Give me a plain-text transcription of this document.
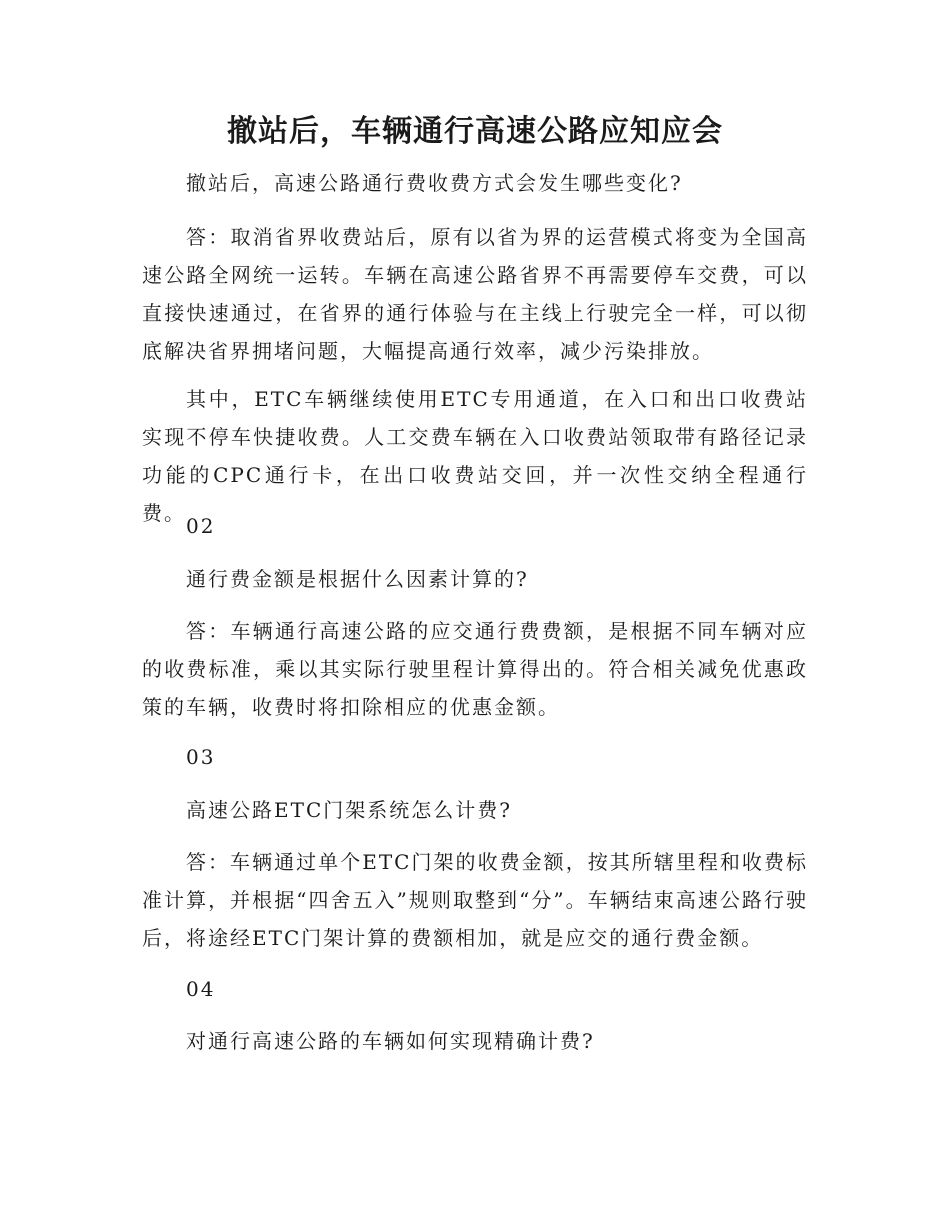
撤站后，车辆通行高速公路应知应会

撤站后，高速公路通行费收费方式会发生哪些变化?

答：取消省界收费站后，原有以省为界的运营模式将变为全国高速公路全网统一运转。车辆在高速公路省界不再需要停车交费，可以直接快速通过，在省界的通行体验与在主线上行驶完全一样，可以彻底解决省界拥堵问题，大幅提高通行效率，减少污染排放。

其中，ETC车辆继续使用ETC专用通道，在入口和出口收费站实现不停车快捷收费。人工交费车辆在入口收费站领取带有路径记录功能的CPC通行卡，在出口收费站交回，并一次性交纳全程通行费。

02

通行费金额是根据什么因素计算的?

答：车辆通行高速公路的应交通行费费额，是根据不同车辆对应的收费标准，乘以其实际行驶里程计算得出的。符合相关减免优惠政策的车辆，收费时将扣除相应的优惠金额。

03

高速公路ETC门架系统怎么计费?

答：车辆通过单个ETC门架的收费金额，按其所辖里程和收费标准计算，并根据“四舍五入”规则取整到“分”。车辆结束高速公路行驶后，将途经ETC门架计算的费额相加，就是应交的通行费金额。

04

对通行高速公路的车辆如何实现精确计费?
